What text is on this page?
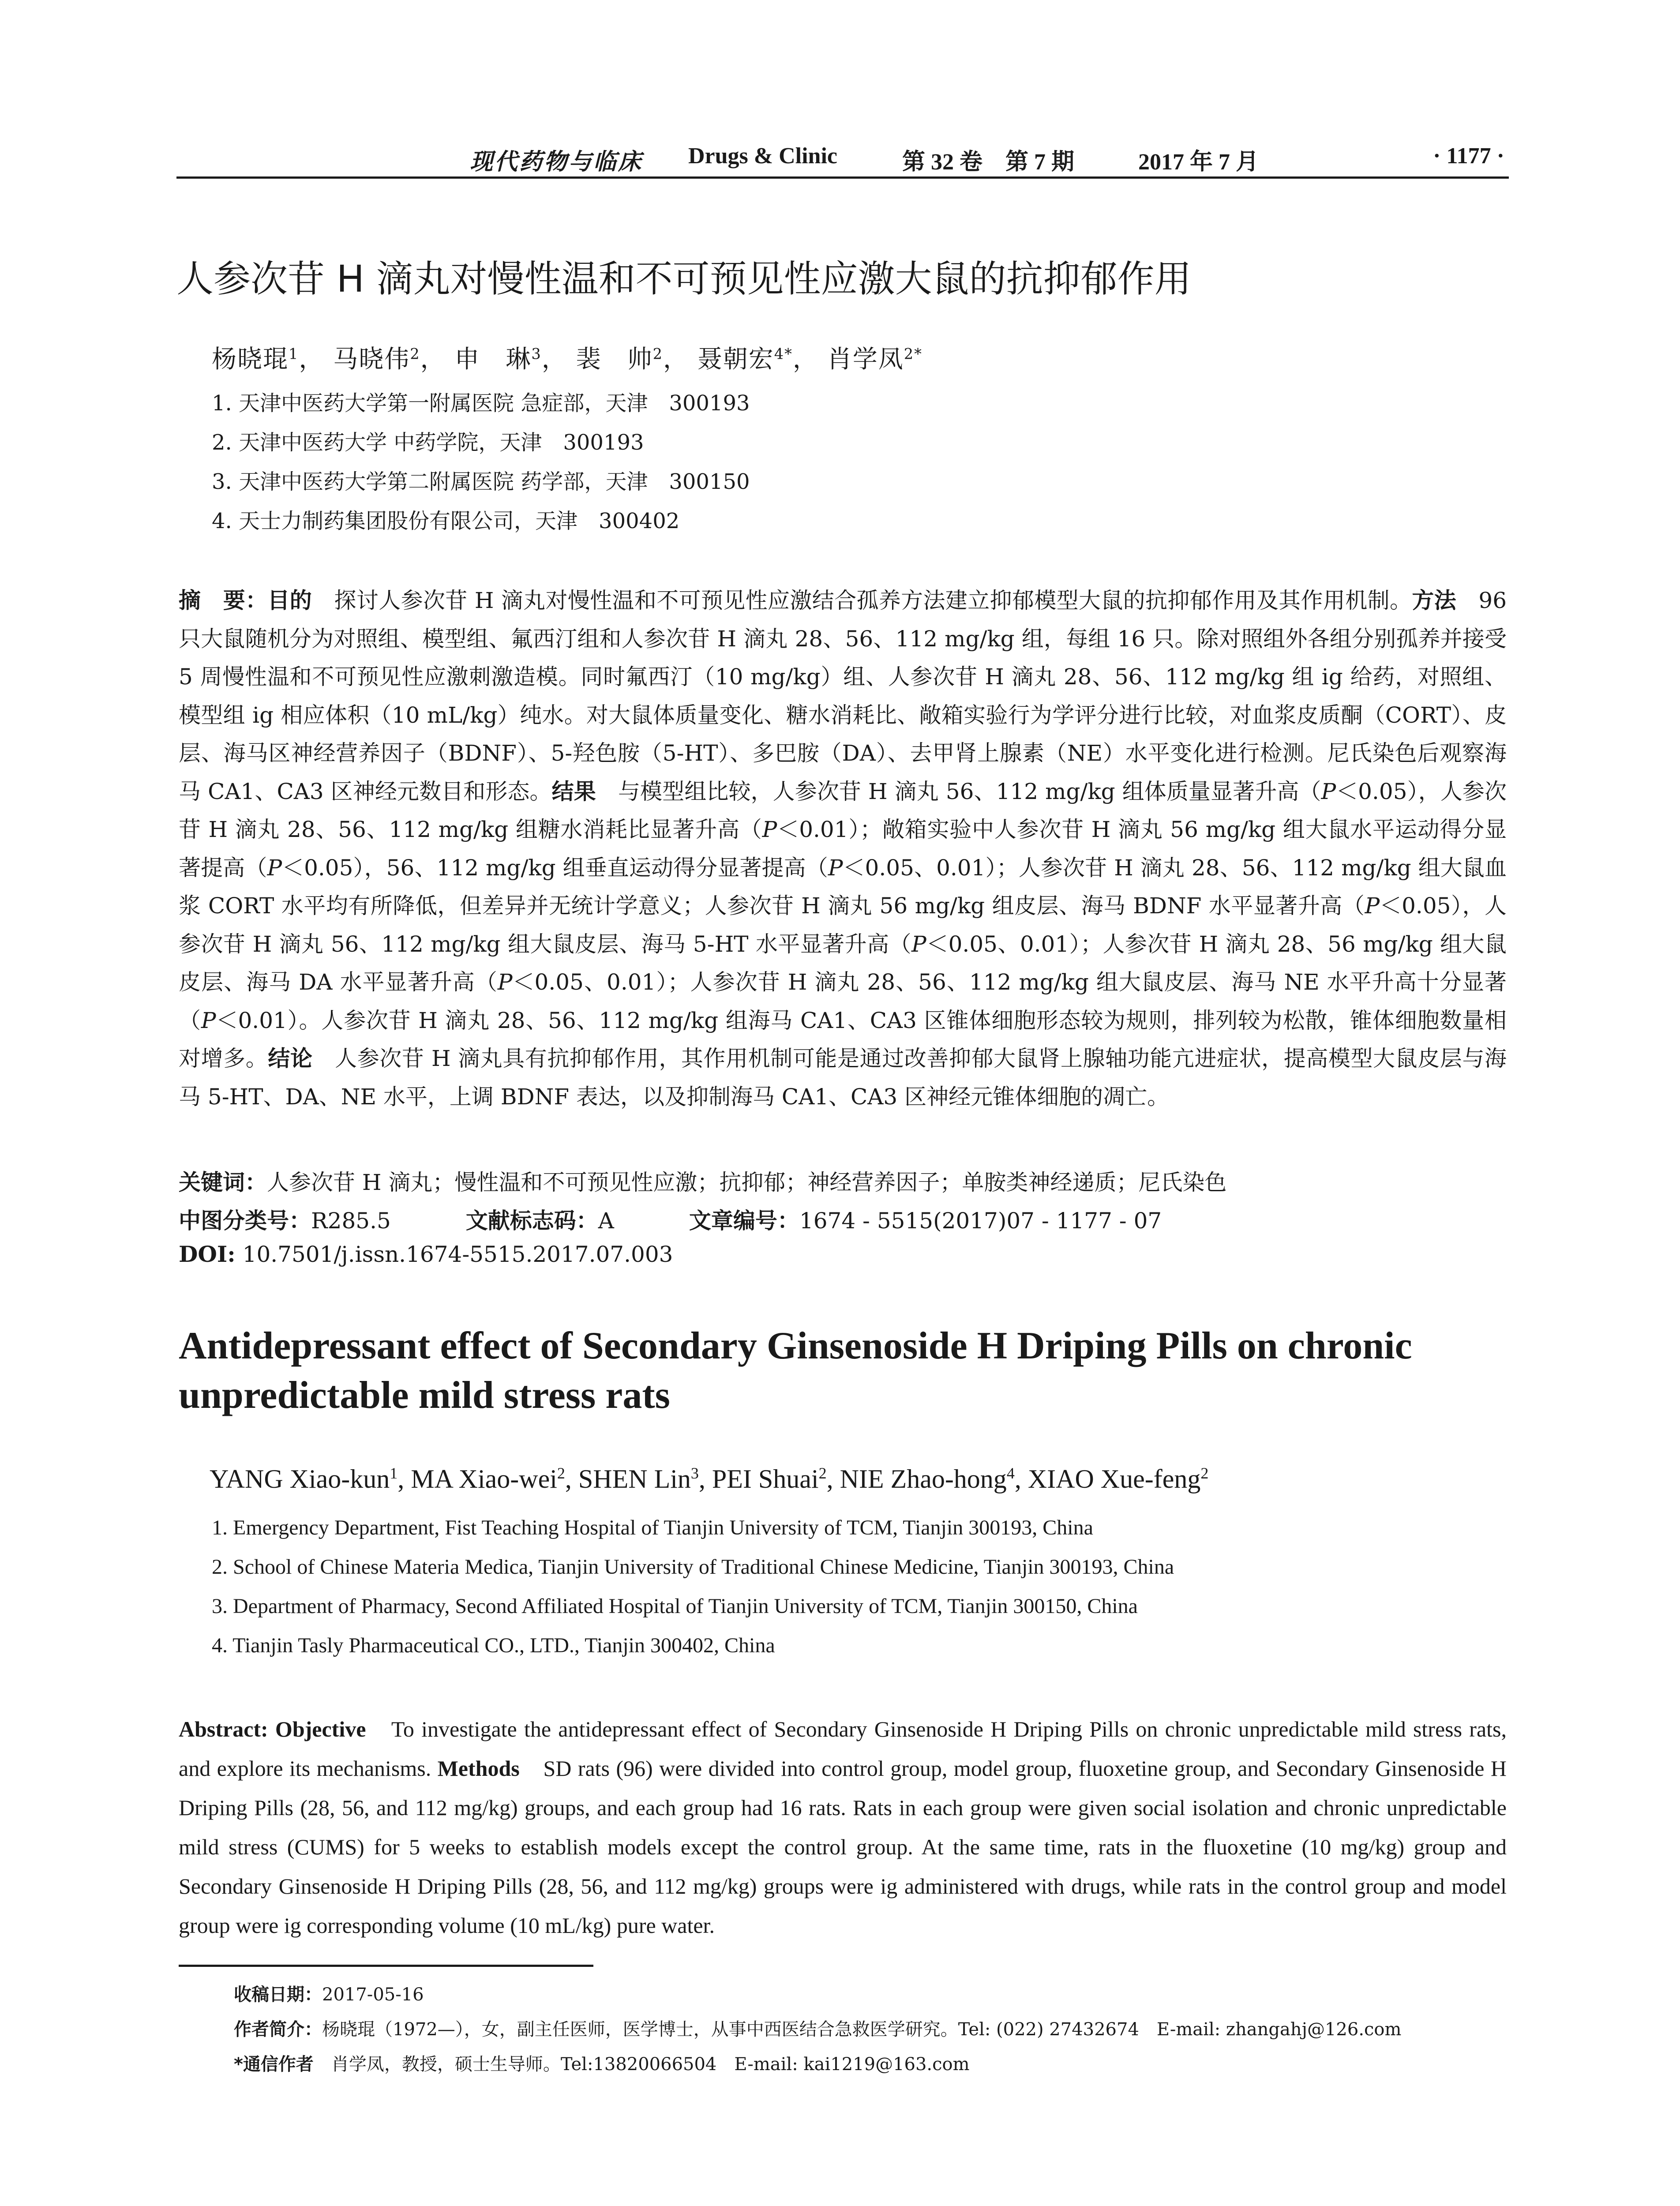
现代药物与临床 Drugs & Clinic	第 32 卷　第 7 期	2017 年 7 月	· 1177 ·
人参次苷 H 滴丸对慢性温和不可预见性应激大鼠的抗抑郁作用
杨晓琨$^1$， 马晓伟$^2$， 申　琳$^3$， 裴　帅$^2$， 聂朝宏$^{4*}$， 肖学凤$^{2*}$
1. 天津中医药大学第一附属医院 急症部，天津　300193
2. 天津中医药大学 中药学院，天津　300193
3. 天津中医药大学第二附属医院 药学部，天津　300150
4. 天士力制药集团股份有限公司，天津　300402
摘　要：目的　探讨人参次苷 H 滴丸对慢性温和不可预见性应激结合孤养方法建立抑郁模型大鼠的抗抑郁作用及其作用机制。方法　96 只大鼠随机分为对照组、模型组、氟西汀组和人参次苷 H 滴丸 28、56、112 mg/kg 组，每组 16 只。除对照组外各组分别孤养并接受 5 周慢性温和不可预见性应激刺激造模。同时氟西汀（10 mg/kg）组、人参次苷 H 滴丸 28、56、112 mg/kg 组 ig 给药，对照组、模型组 ig 相应体积（10 mL/kg）纯水。对大鼠体质量变化、糖水消耗比、敞箱实验行为学评分进行比较，对血浆皮质酮（CORT）、皮层、海马区神经营养因子（BDNF）、5-羟色胺（5-HT）、多巴胺（DA）、去甲肾上腺素（NE）水平变化进行检测。尼氏染色后观察海马 CA1、CA3 区神经元数目和形态。结果　与模型组比较，人参次苷 H 滴丸 56、112 mg/kg 组体质量显著升高（P＜0.05），人参次苷 H 滴丸 28、56、112 mg/kg 组糖水消耗比显著升高（P＜0.01）；敞箱实验中人参次苷 H 滴丸 56 mg/kg 组大鼠水平运动得分显著提高（P＜0.05），56、112 mg/kg 组垂直运动得分显著提高（P＜0.05、0.01）；人参次苷 H 滴丸 28、56、112 mg/kg 组大鼠血浆 CORT 水平均有所降低，但差异并无统计学意义；人参次苷 H 滴丸 56 mg/kg 组皮层、海马 BDNF 水平显著升高（P＜0.05），人参次苷 H 滴丸 56、112 mg/kg 组大鼠皮层、海马 5-HT 水平显著升高（P＜0.05、0.01）；人参次苷 H 滴丸 28、56 mg/kg 组大鼠皮层、海马 DA 水平显著升高（P＜0.05、0.01）；人参次苷 H 滴丸 28、56、112 mg/kg 组大鼠皮层、海马 NE 水平升高十分显著（P＜0.01）。人参次苷 H 滴丸 28、56、112 mg/kg 组海马 CA1、CA3 区锥体细胞形态较为规则，排列较为松散，锥体细胞数量相对增多。结论　人参次苷 H 滴丸具有抗抑郁作用，其作用机制可能是通过改善抑郁大鼠肾上腺轴功能亢进症状，提高模型大鼠皮层与海马 5-HT、DA、NE 水平，上调 BDNF 表达，以及抑制海马 CA1、CA3 区神经元锥体细胞的凋亡。
关键词：人参次苷 H 滴丸；慢性温和不可预见性应激；抗抑郁；神经营养因子；单胺类神经递质；尼氏染色
中图分类号：R285.5	文献标志码：A	文章编号：1674 - 5515(2017)07 - 1177 - 07
DOI: 10.7501/j.issn.1674-5515.2017.07.003
Antidepressant effect of Secondary Ginsenoside H Driping Pills on chronic unpredictable mild stress rats
YANG Xiao-kun$^1$, MA Xiao-wei$^2$, SHEN Lin$^3$, PEI Shuai$^2$, NIE Zhao-hong$^4$, XIAO Xue-feng$^2$
1. Emergency Department, Fist Teaching Hospital of Tianjin University of TCM, Tianjin 300193, China
2. School of Chinese Materia Medica, Tianjin University of Traditional Chinese Medicine, Tianjin 300193, China
3. Department of Pharmacy, Second Affiliated Hospital of Tianjin University of TCM, Tianjin 300150, China
4. Tianjin Tasly Pharmaceutical CO., LTD., Tianjin 300402, China
Abstract: Objective　To investigate the antidepressant effect of Secondary Ginsenoside H Driping Pills on chronic unpredictable mild stress rats, and explore its mechanisms. Methods　SD rats (96) were divided into control group, model group, fluoxetine group, and Secondary Ginsenoside H Driping Pills (28, 56, and 112 mg/kg) groups, and each group had 16 rats. Rats in each group were given social isolation and chronic unpredictable mild stress (CUMS) for 5 weeks to establish models except the control group. At the same time, rats in the fluoxetine (10 mg/kg) group and Secondary Ginsenoside H Driping Pills (28, 56, and 112 mg/kg) groups were ig administered with drugs, while rats in the control group and model group were ig corresponding volume (10 mL/kg) pure water.
收稿日期：2017-05-16
作者简介：杨晓琨（1972—），女，副主任医师，医学博士，从事中西医结合急救医学研究。Tel: (022) 27432674　E-mail: zhangahj@126.com
*通信作者　肖学凤，教授，硕士生导师。Tel:13820066504　E-mail: kai1219@163.com
